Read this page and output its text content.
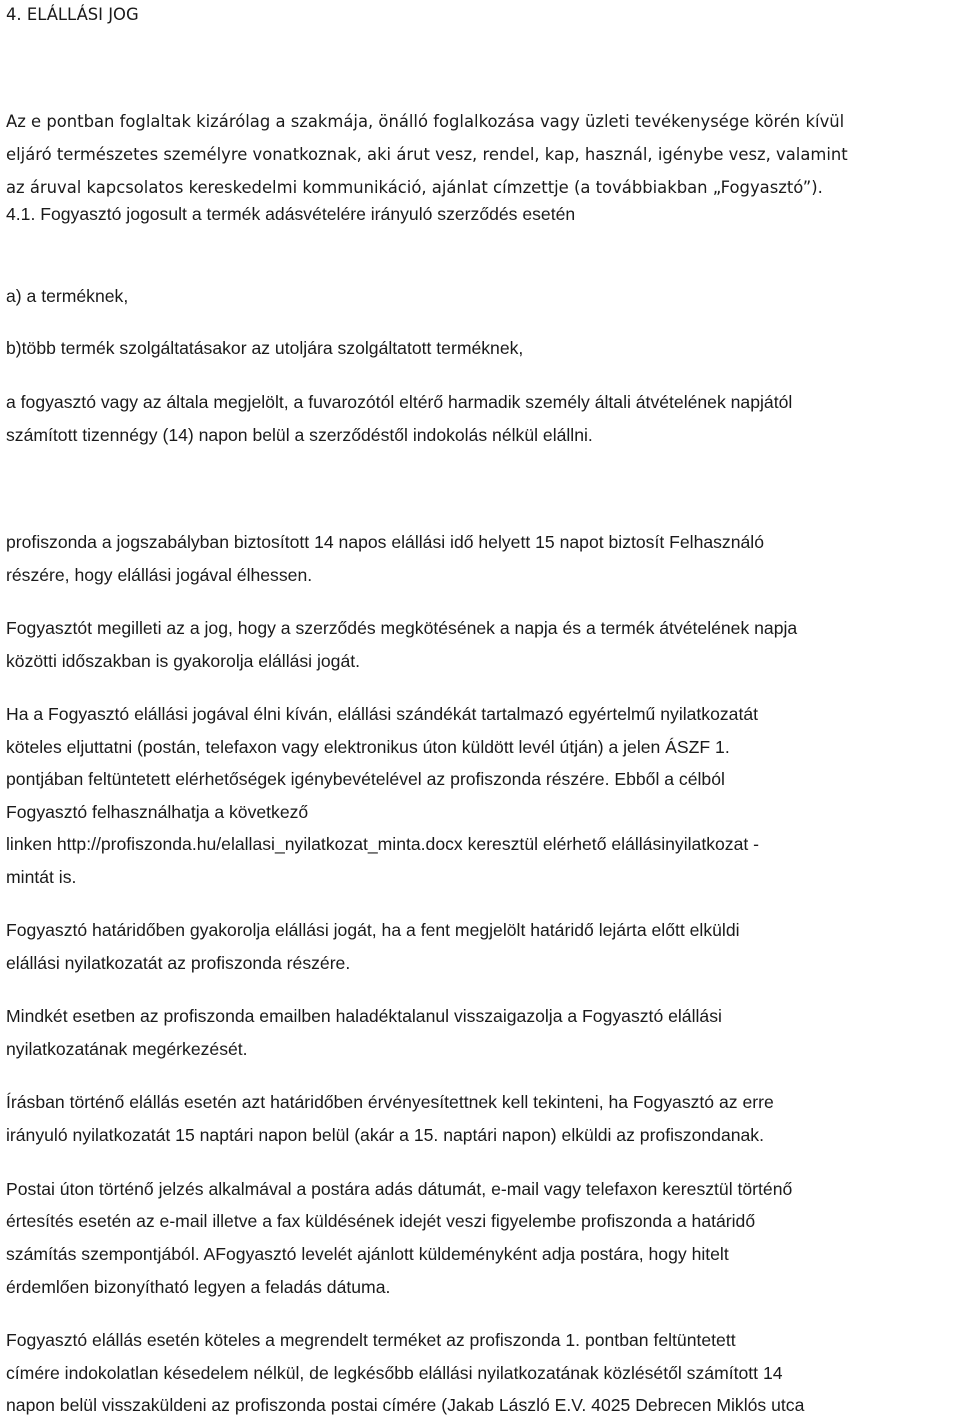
4. ELÁLLÁSI JOG
Az e pontban foglaltak kizárólag a szakmája, önálló foglalkozása vagy üzleti tevékenysége körén kívül
eljáró természetes személyre vonatkoznak, aki árut vesz, rendel, kap, használ, igénybe vesz, valamint
az áruval kapcsolatos kereskedelmi kommunikáció, ajánlat címzettje (a továbbiakban „Fogyasztó”).
4.1. Fogyasztó jogosult a termék adásvételére irányuló szerződés esetén
a) a terméknek,
b)több termék szolgáltatásakor az utoljára szolgáltatott terméknek,
a fogyasztó vagy az általa megjelölt, a fuvarozótól eltérő harmadik személy általi átvételének napjától
számított tizennégy (14) napon belül a szerződéstől indokolás nélkül elállni.
profiszonda a jogszabályban biztosított 14 napos elállási idő helyett 15 napot biztosít Felhasználó
részére, hogy elállási jogával élhessen.
Fogyasztót megilleti az a jog, hogy a szerződés megkötésének a napja és a termék átvételének napja
közötti időszakban is gyakorolja elállási jogát.
Ha a Fogyasztó elállási jogával élni kíván, elállási szándékát tartalmazó egyértelmű nyilatkozatát
köteles eljuttatni (postán, telefaxon vagy elektronikus úton küldött levél útján) a jelen ÁSZF 1.
pontjában feltüntetett elérhetőségek igénybevételével az profiszonda részére. Ebből a célból
Fogyasztó felhasználhatja a következő
linken http://profiszonda.hu/elallasi_nyilatkozat_minta.docx keresztül elérhető elállásinyilatkozat -
mintát is.
Fogyasztó határidőben gyakorolja elállási jogát, ha a fent megjelölt határidő lejárta előtt elküldi
elállási nyilatkozatát az profiszonda részére.
Mindkét esetben az profiszonda emailben haladéktalanul visszaigazolja a Fogyasztó elállási
nyilatkozatának megérkezését.
Írásban történő elállás esetén azt határidőben érvényesítettnek kell tekinteni, ha Fogyasztó az erre
irányuló nyilatkozatát 15 naptári napon belül (akár a 15. naptári napon) elküldi az profiszondanak.
Postai úton történő jelzés alkalmával a postára adás dátumát, e-mail vagy telefaxon keresztül történő
értesítés esetén az e-mail illetve a fax küldésének idejét veszi figyelembe profiszonda a határidő
számítás szempontjából. AFogyasztó levelét ajánlott küldeményként adja postára, hogy hitelt
érdemlően bizonyítható legyen a feladás dátuma.
Fogyasztó elállás esetén köteles a megrendelt terméket az profiszonda 1. pontban feltüntetett
címére indokolatlan késedelem nélkül, de legkésőbb elállási nyilatkozatának közlésétől számított 14
napon belül visszaküldeni az profiszonda postai címére (Jakab László E.V. 4025 Debrecen Miklós utca
